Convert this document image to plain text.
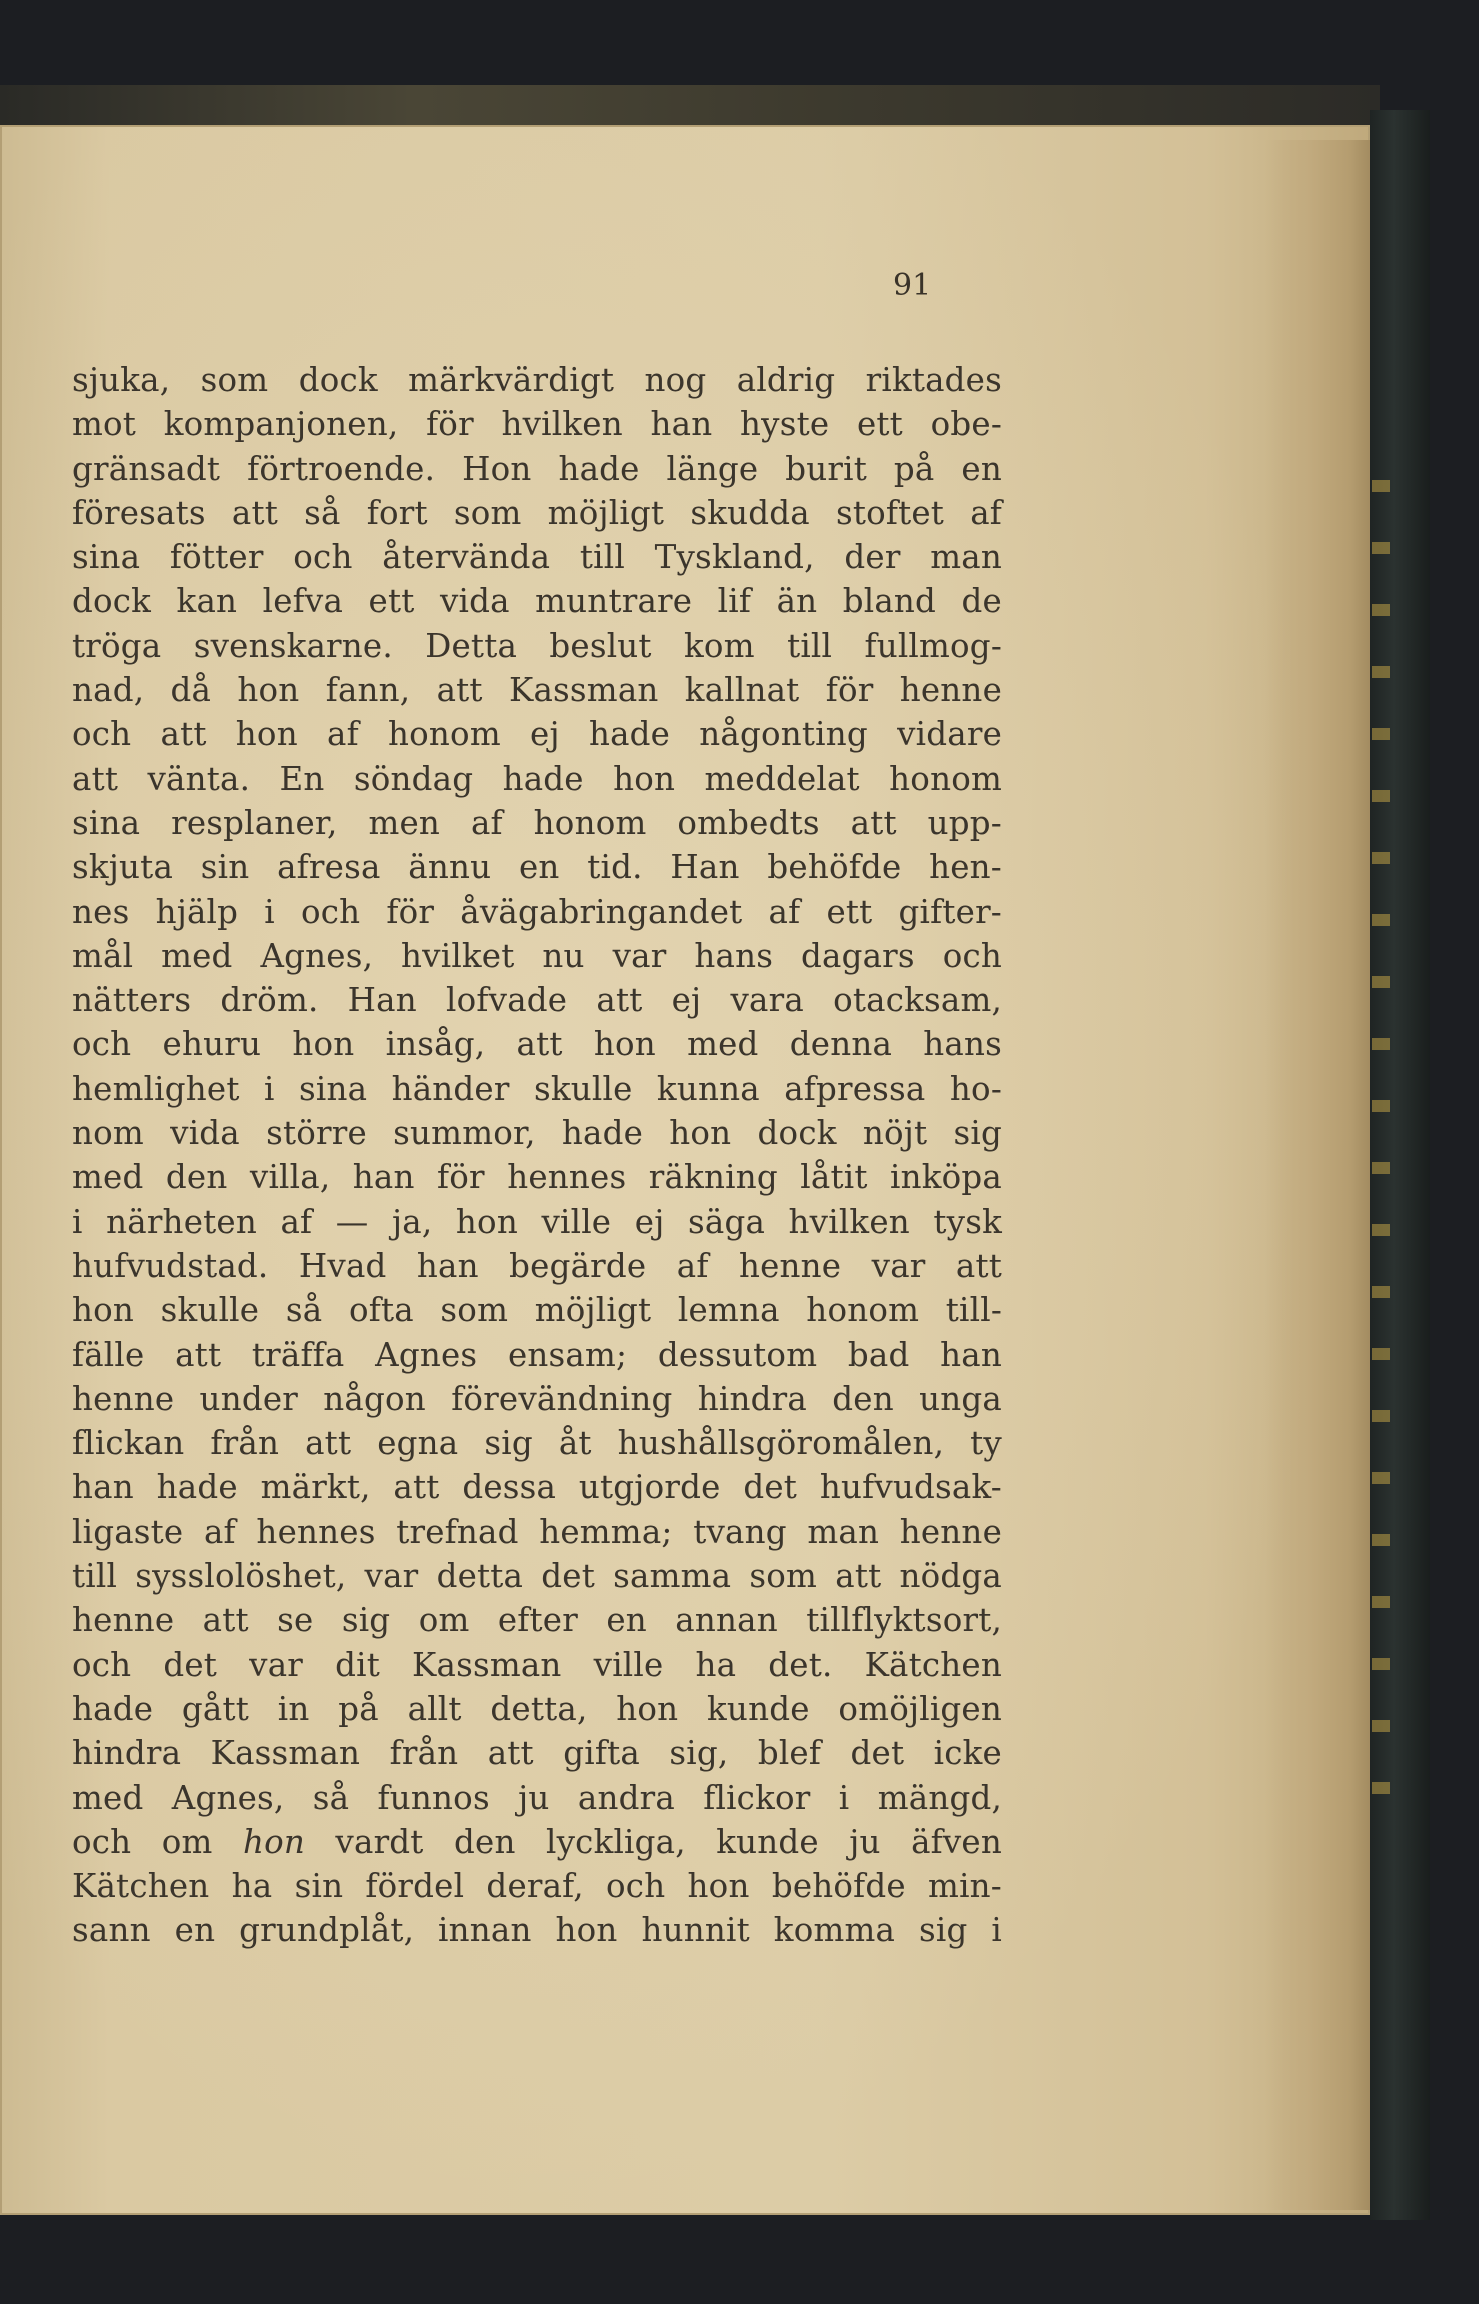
91
sjuka, som dock märkvärdigt nog aldrig riktades
mot kompanjonen, för hvilken han hyste ett obe-
gränsadt förtroende. Hon hade länge burit på en
föresats att så fort som möjligt skudda stoftet af
sina fötter och återvända till Tyskland, der man
dock kan lefva ett vida muntrare lif än bland de
tröga svenskarne. Detta beslut kom till fullmog-
nad, då hon fann, att Kassman kallnat för henne
och att hon af honom ej hade någonting vidare
att vänta. En söndag hade hon meddelat honom
sina resplaner, men af honom ombedts att upp-
skjuta sin afresa ännu en tid. Han behöfde hen-
nes hjälp i och för åvägabringandet af ett gifter-
mål med Agnes, hvilket nu var hans dagars och
nätters dröm. Han lofvade att ej vara otacksam,
och ehuru hon insåg, att hon med denna hans
hemlighet i sina händer skulle kunna afpressa ho-
nom vida större summor, hade hon dock nöjt sig
med den villa, han för hennes räkning låtit inköpa
i närheten af — ja, hon ville ej säga hvilken tysk
hufvudstad. Hvad han begärde af henne var att
hon skulle så ofta som möjligt lemna honom till-
fälle att träffa Agnes ensam; dessutom bad han
henne under någon förevändning hindra den unga
flickan från att egna sig åt hushållsgöromålen, ty
han hade märkt, att dessa utgjorde det hufvudsak-
ligaste af hennes trefnad hemma; tvang man henne
till sysslolöshet, var detta det samma som att nödga
henne att se sig om efter en annan tillflyktsort,
och det var dit Kassman ville ha det. Kätchen
hade gått in på allt detta, hon kunde omöjligen
hindra Kassman från att gifta sig, blef det icke
med Agnes, så funnos ju andra flickor i mängd,
och om hon vardt den lyckliga, kunde ju äfven
Kätchen ha sin fördel deraf, och hon behöfde min-
sann en grundplåt, innan hon hunnit komma sig i
